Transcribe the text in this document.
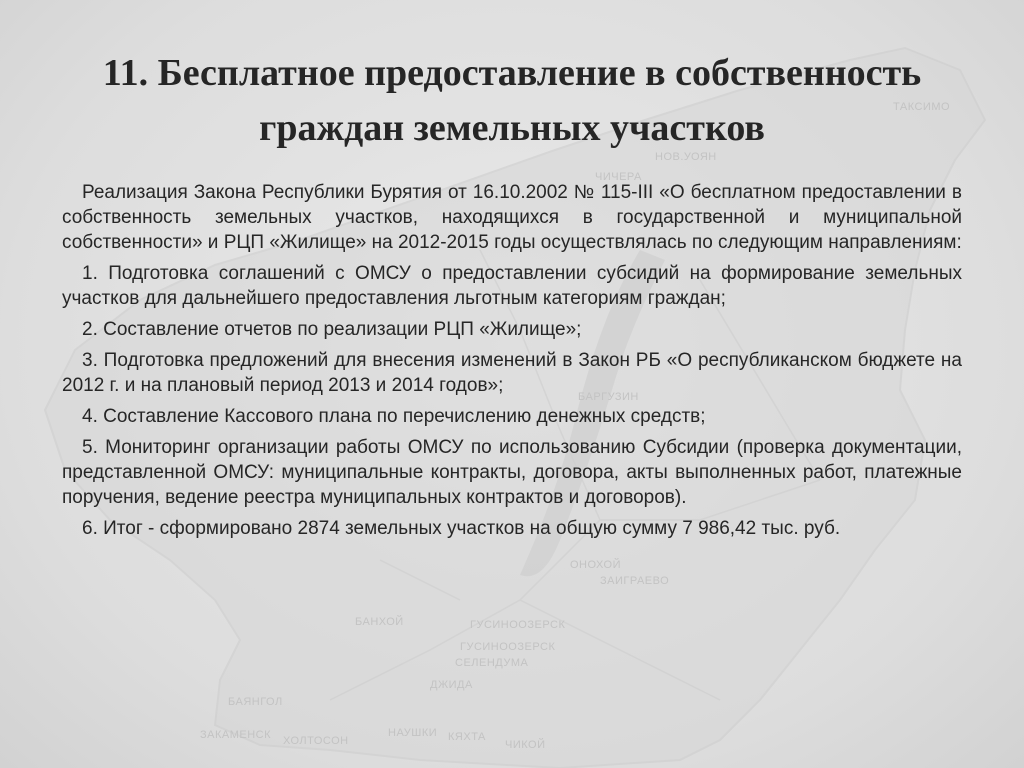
ТАКСИМО
НОВ.УОЯН
ЧИЧЕРА
БАРГУЗИН
ОНОХОЙ
ЗАИГРАЕВО
ГУСИНООЗЕРСК
ГУСИНООЗЕРСК
СЕЛЕНДУМА
БАНХОЙ
ДЖИДА
БАЯНГОЛ
ЗАКАМЕНСК ХОЛТОСОН
НАУШКИ КЯХТА
ЧИКОЙ
11. Бесплатное предоставление в собственность граждан земельных участков

Реализация Закона Республики Бурятия от 16.10.2002 № 115-III «О бесплатном предоставлении в собственность земельных участков, находящихся в государственной и муниципальной собственности» и РЦП «Жилище» на 2012-2015 годы осуществлялась по следующим направлениям:

1. Подготовка соглашений с ОМСУ о предоставлении субсидий на формирование земельных участков для дальнейшего предоставления льготным категориям граждан;

2. Составление отчетов по реализации РЦП «Жилище»;

3. Подготовка предложений для внесения изменений в Закон РБ «О республиканском бюджете на 2012 г. и на плановый период 2013 и 2014 годов»;

4. Составление Кассового плана по перечислению денежных средств;

5. Мониторинг организации работы ОМСУ по использованию Субсидии (проверка документации, представленной ОМСУ: муниципальные контракты, договора, акты выполненных работ, платежные поручения, ведение реестра муниципальных контрактов и договоров).

6. Итог - сформировано 2874 земельных участков на общую сумму 7 986,42 тыс. руб.
